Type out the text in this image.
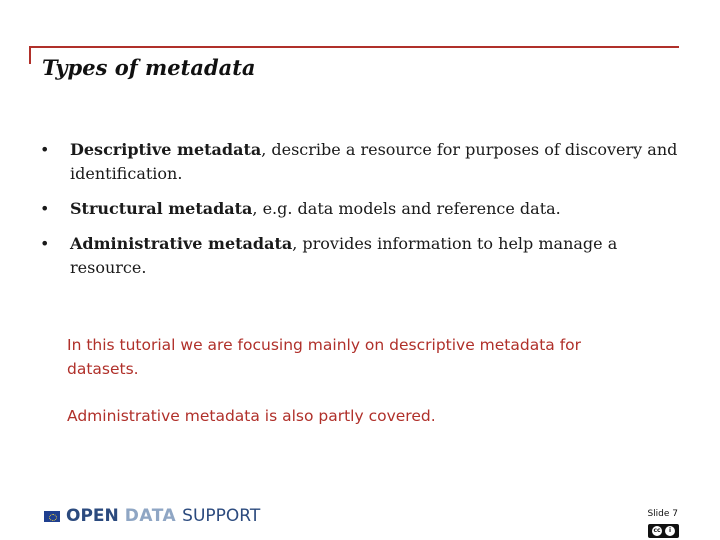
Types of metadata
• Descriptive metadata, describe a resource for purposes of discovery and identification.
• Structural metadata, e.g. data models and reference data.
• Administrative metadata, provides information to help manage a resource.

In this tutorial we are focusing mainly on descriptive metadata for datasets.

Administrative metadata is also partly covered.

OPEN DATA SUPPORT	Slide 7
cc	i
